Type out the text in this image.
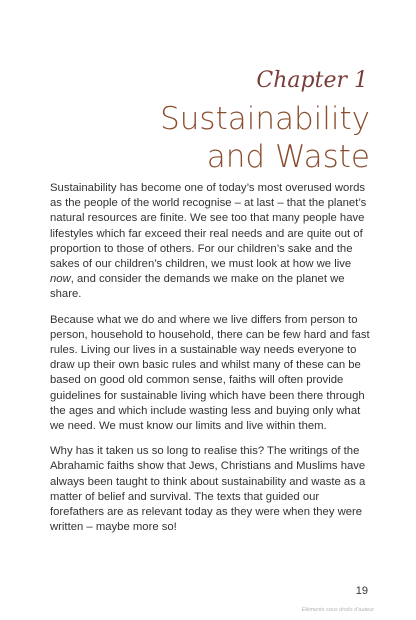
Chapter 1
Sustainability
and Waste

Sustainability has become one of today’s most overused words as the people of the world recognise – at last – that the planet’s natural resources are finite. We see too that many people have lifestyles which far exceed their real needs and are quite out of proportion to those of others. For our children’s sake and the sakes of our children’s children, we must look at how we live now, and consider the demands we make on the planet we share.

Because what we do and where we live differs from person to person, household to household, there can be few hard and fast rules. Living our lives in a sustainable way needs everyone to draw up their own basic rules and whilst many of these can be based on good old common sense, faiths will often provide guidelines for sustainable living which have been there through the ages and which include wasting less and buying only what we need. We must know our limits and live within them.

Why has it taken us so long to realise this? The writings of the Abrahamic faiths show that Jews, Christians and Muslims have always been taught to think about sustainability and waste as a matter of belief and survival. The texts that guided our forefathers are as relevant today as they were when they were written – maybe more so!

19
Éléments sous droits d’auteur
